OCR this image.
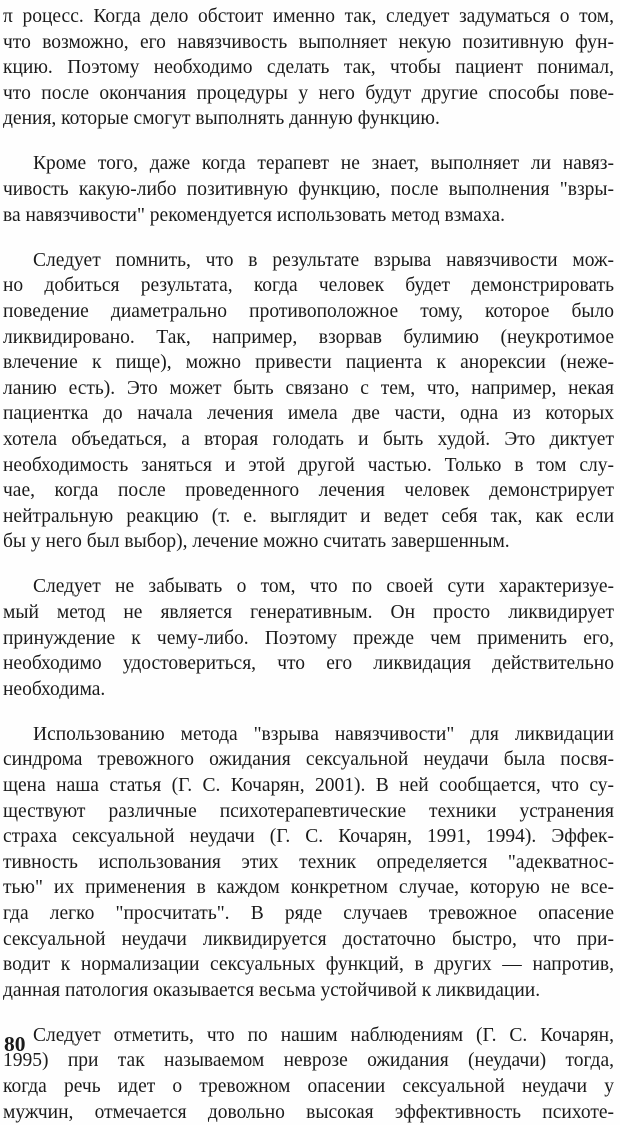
π роцесс. Когда дело обстоит именно так, следует задуматься о том,
что возможно, его навязчивость выполняет некую позитивную фун-
кцию. Поэтому необходимо сделать так, чтобы пациент понимал,
что после окончания процедуры у него будут другие способы пове-
дения, которые смогут выполнять данную функцию.

Кроме того, даже когда терапевт не знает, выполняет ли навяз-
чивость какую-либо позитивную функцию, после выполнения "взры-
ва навязчивости" рекомендуется использовать метод взмаха.

Следует помнить, что в результате взрыва навязчивости мож-
но добиться результата, когда человек будет демонстрировать
поведение диаметрально противоположное тому, которое было
ликвидировано. Так, например, взорвав булимию (неукротимое
влечение к пище), можно привести пациента к анорексии (неже-
ланию есть). Это может быть связано с тем, что, например, некая
пациентка до начала лечения имела две части, одна из которых
хотела объедаться, а вторая голодать и быть худой. Это диктует
необходимость заняться и этой другой частью. Только в том слу-
чае, когда после проведенного лечения человек демонстрирует
нейтральную реакцию (т. е. выглядит и ведет себя так, как если
бы у него был выбор), лечение можно считать завершенным.

Следует не забывать о том, что по своей сути характеризуе-
мый метод не является генеративным. Он просто ликвидирует
принуждение к чему-либо. Поэтому прежде чем применить его,
необходимо удостовериться, что его ликвидация действительно
необходима.

Использованию метода "взрыва навязчивости" для ликвидации
синдрома тревожного ожидания сексуальной неудачи была посвя-
щена наша статья (Г. С. Кочарян, 2001). В ней сообщается, что су-
ществуют различные психотерапевтические техники устранения
страха сексуальной неудачи (Г. С. Кочарян, 1991, 1994). Эффек-
тивность использования этих техник определяется "адекватнос-
тью" их применения в каждом конкретном случае, которую не все-
гда легко "просчитать". В ряде случаев тревожное опасение
сексуальной неудачи ликвидируется достаточно быстро, что при-
водит к нормализации сексуальных функций, в других — напротив,
данная патология оказывается весьма устойчивой к ликвидации.

Следует отметить, что по нашим наблюдениям (Г. С. Кочарян,
1995) при так называемом неврозе ожидания (неудачи) тогда,
когда речь идет о тревожном опасении сексуальной неудачи у
мужчин, отмечается довольно высокая эффективность психоте-

80
